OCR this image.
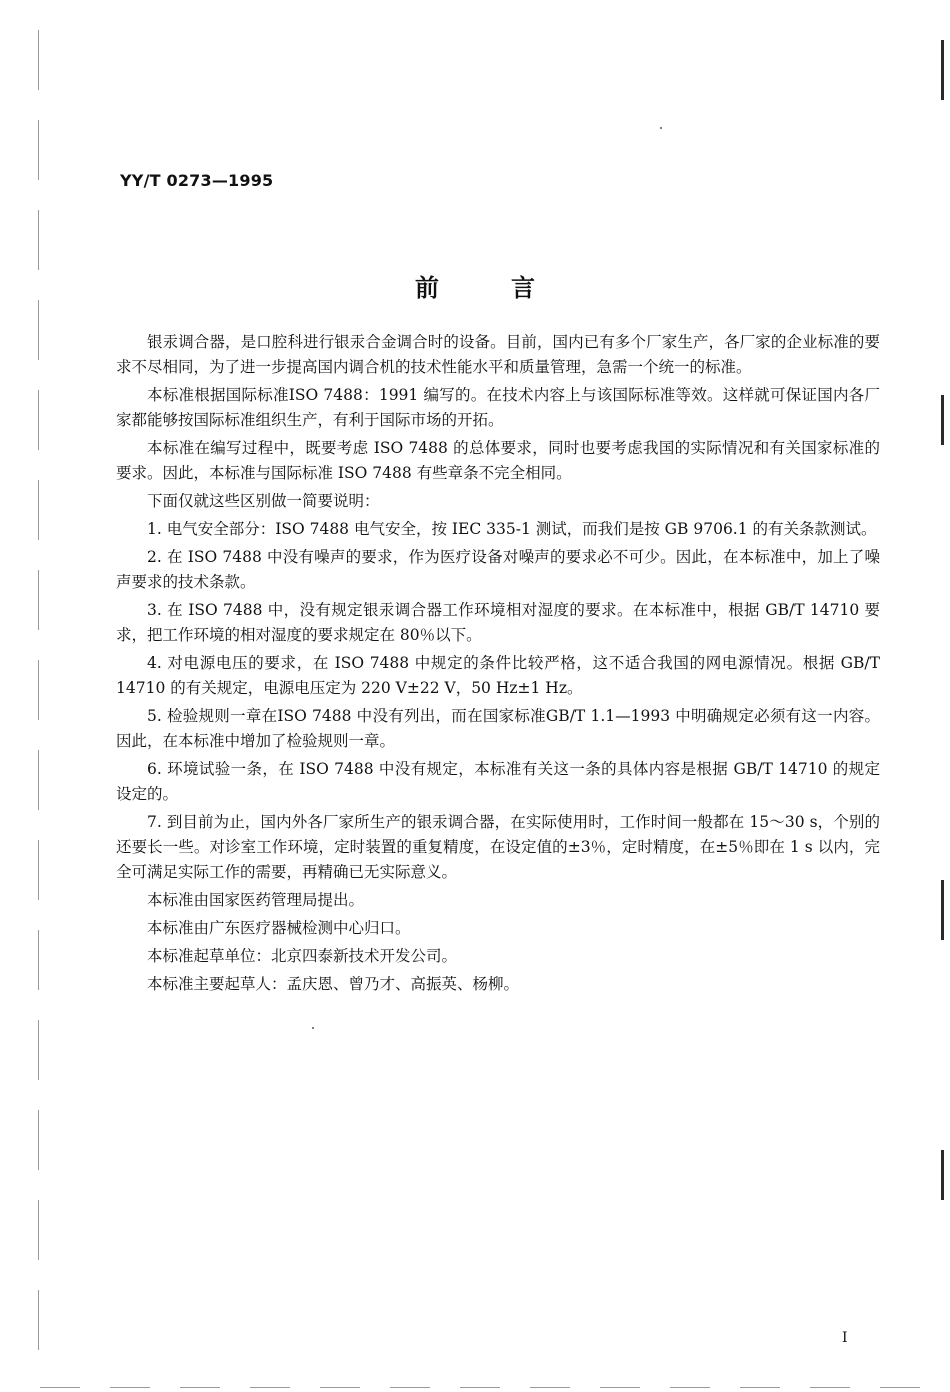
YY/T 0273—1995
前	言

银汞调合器，是口腔科进行银汞合金调合时的设备。目前，国内已有多个厂家生产，各厂家的企业标准的要求不尽相同，为了进一步提高国内调合机的技术性能水平和质量管理，急需一个统一的标准。

本标准根据国际标准ISO 7488：1991 编写的。在技术内容上与该国际标准等效。这样就可保证国内各厂家都能够按国际标准组织生产，有利于国际市场的开拓。

本标准在编写过程中，既要考虑 ISO 7488 的总体要求，同时也要考虑我国的实际情况和有关国家标准的要求。因此，本标准与国际标准 ISO 7488 有些章条不完全相同。

下面仅就这些区别做一简要说明：

1. 电气安全部分：ISO 7488 电气安全，按 IEC 335-1 测试，而我们是按 GB 9706.1 的有关条款测试。

2. 在 ISO 7488 中没有噪声的要求，作为医疗设备对噪声的要求必不可少。因此，在本标准中，加上了噪声要求的技术条款。

3. 在 ISO 7488 中，没有规定银汞调合器工作环境相对湿度的要求。在本标准中，根据 GB/T 14710 要求，把工作环境的相对湿度的要求规定在 80％以下。

4. 对电源电压的要求，在 ISO 7488 中规定的条件比较严格，这不适合我国的网电源情况。根据 GB/T 14710 的有关规定，电源电压定为 220 V±22 V，50 Hz±1 Hz。

5. 检验规则一章在ISO 7488 中没有列出，而在国家标准GB/T 1.1—1993 中明确规定必须有这一内容。因此，在本标准中增加了检验规则一章。

6. 环境试验一条，在 ISO 7488 中没有规定，本标准有关这一条的具体内容是根据 GB/T 14710 的规定设定的。

7. 到目前为止，国内外各厂家所生产的银汞调合器，在实际使用时，工作时间一般都在 15～30 s，个别的还要长一些。对诊室工作环境，定时装置的重复精度，在设定值的±3％，定时精度，在±5％即在 1 s 以内，完全可满足实际工作的需要，再精确已无实际意义。

本标准由国家医药管理局提出。

本标准由广东医疗器械检测中心归口。

本标准起草单位：北京四泰新技术开发公司。

本标准主要起草人：孟庆恩、曾乃才、高振英、杨柳。

I
